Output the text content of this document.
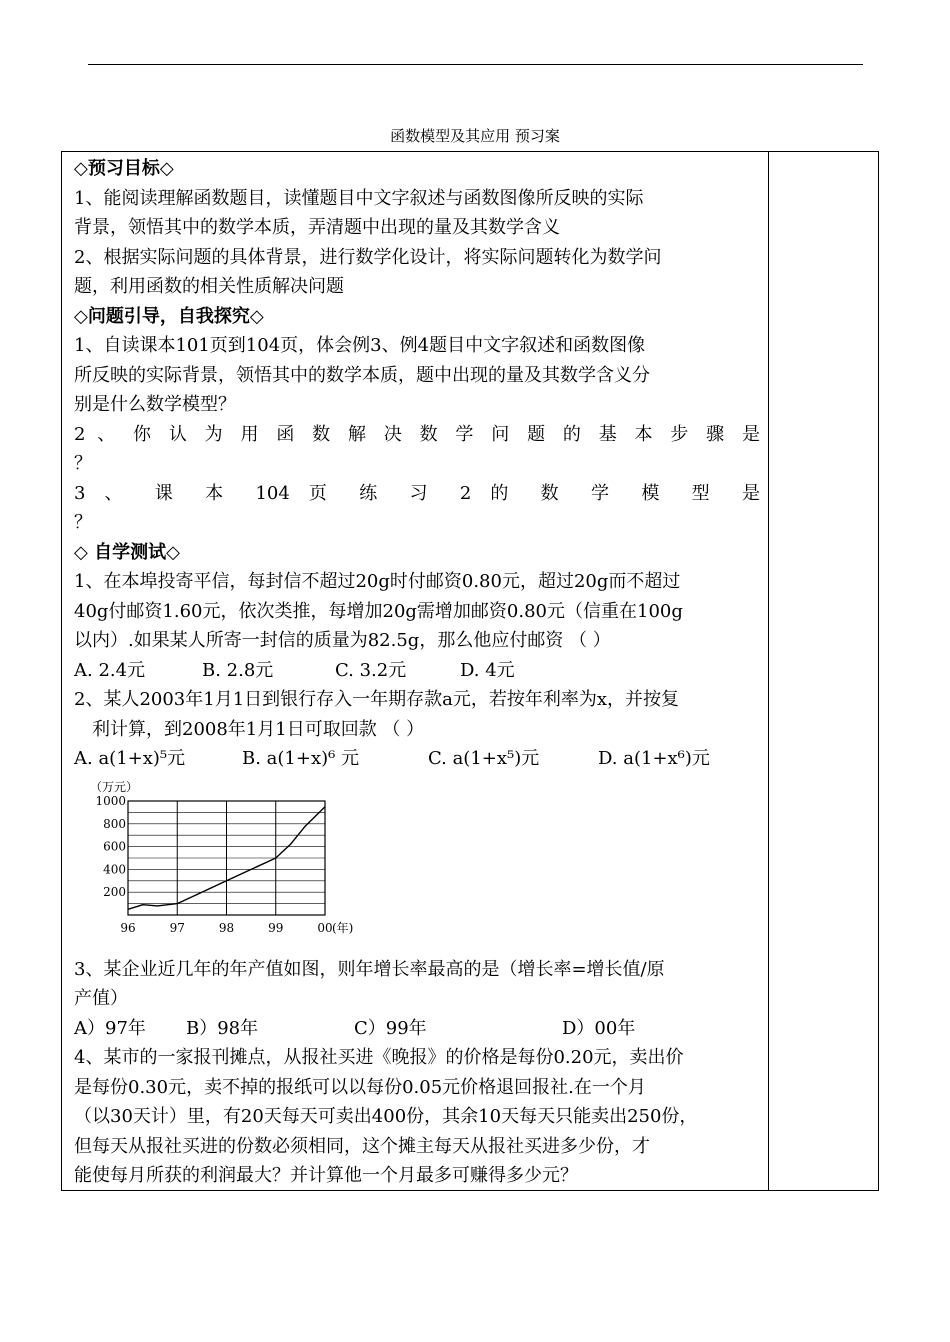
函数模型及其应用 预习案

◇预习目标◇

1、能阅读理解函数题目，读懂题目中文字叙述与函数图像所反映的实际

背景，领悟其中的数学本质，弄清题中出现的量及其数学含义

2、根据实际问题的具体背景，进行数学化设计，将实际问题转化为数学问

题，利用函数的相关性质解决问题

◇问题引导，自我探究◇

1、自读课本101页到104页，体会例3、例4题目中文字叙述和函数图像

所反映的实际背景，领悟其中的数学本质，题中出现的量及其数学含义分

别是什么数学模型？

2 、 你 认 为 用 函 数 解 决 数 学 问 题 的 基 本 步 骤 是

？

3 、 课 本 104 页 练 习 2 的 数 学 模 型 是

？

◇ 自学测试◇

1、在本埠投寄平信，每封信不超过20g时付邮资0.80元，超过20g而不超过

40g付邮资1.60元，依次类推，每增加20g需增加邮资0.80元（信重在100g

以内）.如果某人所寄一封信的质量为82.5g，那么他应付邮资 （ ）

A. 2.4元	B. 2.8元	C. 3.2元	D. 4元

2、某人2003年1月1日到银行存入一年期存款a元，若按年利率为x，并按复

利计算，到2008年1月1日可取回款 （ ）

A. a(1+x)⁵元	B. a(1+x)⁶ 元	C. a(1+x⁵)元	D. a(1+x⁶)元

200
400
600
800
1000
96	97	98	99	00
（万元）
(年)

3、某企业近几年的年产值如图，则年增长率最高的是（增长率=增长值/原

产值）

A）97年	B）98年	C）99年	D）00年

4、某市的一家报刊摊点，从报社买进《晚报》的价格是每份0.20元，卖出价

是每份0.30元，卖不掉的报纸可以以每份0.05元价格退回报社.在一个月

（以30天计）里，有20天每天可卖出400份，其余10天每天只能卖出250份，

但每天从报社买进的份数必须相同，这个摊主每天从报社买进多少份，才

能使每月所获的利润最大？并计算他一个月最多可赚得多少元？
